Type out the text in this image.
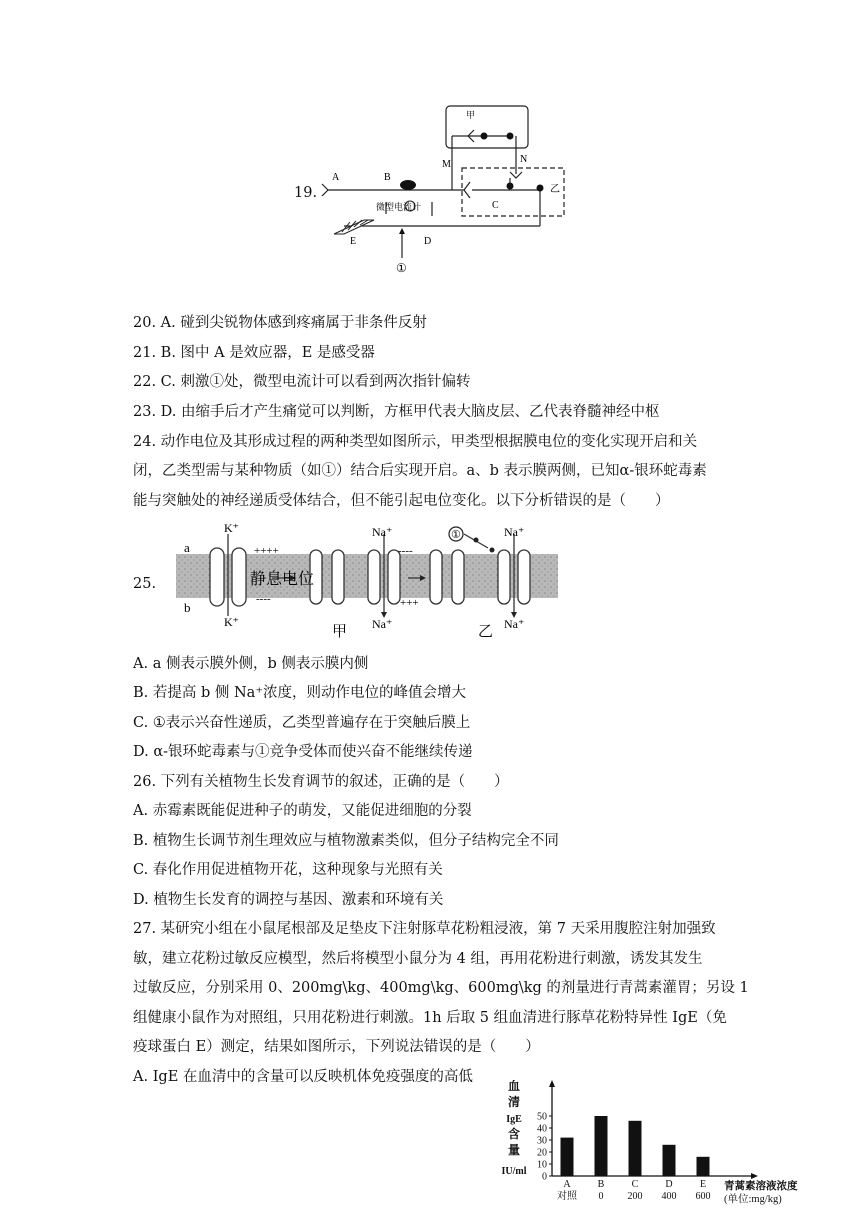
19.
A	B
M	N
甲
乙
C
微型电流计
D
E
①
20. A. 碰到尖锐物体感到疼痛属于非条件反射
21. B. 图中 A 是效应器，E 是感受器
22. C. 刺激①处，微型电流计可以看到两次指针偏转
23. D. 由缩手后才产生痛觉可以判断，方框甲代表大脑皮层、乙代表脊髓神经中枢
24. 动作电位及其形成过程的两种类型如图所示，甲类型根据膜电位的变化实现开启和关
闭，乙类型需与某种物质（如①）结合后实现开启。a、b 表示膜两侧，已知α-银环蛇毒素
能与突触处的神经递质受体结合，但不能引起电位变化。以下分析错误的是（　　）
25.
①
a
b
K⁺
K⁺
Na⁺
Na⁺
Na⁺
Na⁺
++++
静息电位
----
----
+++
甲	乙
A. a 侧表示膜外侧，b 侧表示膜内侧
B. 若提高 b 侧 Na⁺浓度，则动作电位的峰值会增大
C. ①表示兴奋性递质，乙类型普遍存在于突触后膜上
D. α-银环蛇毒素与①竞争受体而使兴奋不能继续传递
26. 下列有关植物生长发育调节的叙述，正确的是（　　）
A. 赤霉素既能促进种子的萌发，又能促进细胞的分裂
B. 植物生长调节剂生理效应与植物激素类似，但分子结构完全不同
C. 春化作用促进植物开花，这种现象与光照有关
D. 植物生长发育的调控与基因、激素和环境有关
27. 某研究小组在小鼠尾根部及足垫皮下注射豚草花粉粗浸液，第 7 天采用腹腔注射加强致
敏，建立花粉过敏反应模型，然后将模型小鼠分为 4 组，再用花粉进行刺激，诱发其发生
过敏反应，分别采用 0、200mg\kg、400mg\kg、600mg\kg 的剂量进行青蒿素灌胃；另设 1
组健康小鼠作为对照组，只用花粉进行刺激。1h 后取 5 组血清进行豚草花粉特异性 IgE（免
疫球蛋白 E）测定，结果如图所示，下列说法错误的是（　　）
A. IgE 在血清中的含量可以反映机体免疫强度的高低
0
10
20
30
40
50
血
清
IgE
含
量
IU/ml
A
对照
B
0
C
200
D
400
E
600
青蒿素溶液浓度
(单位:mg/kg)
